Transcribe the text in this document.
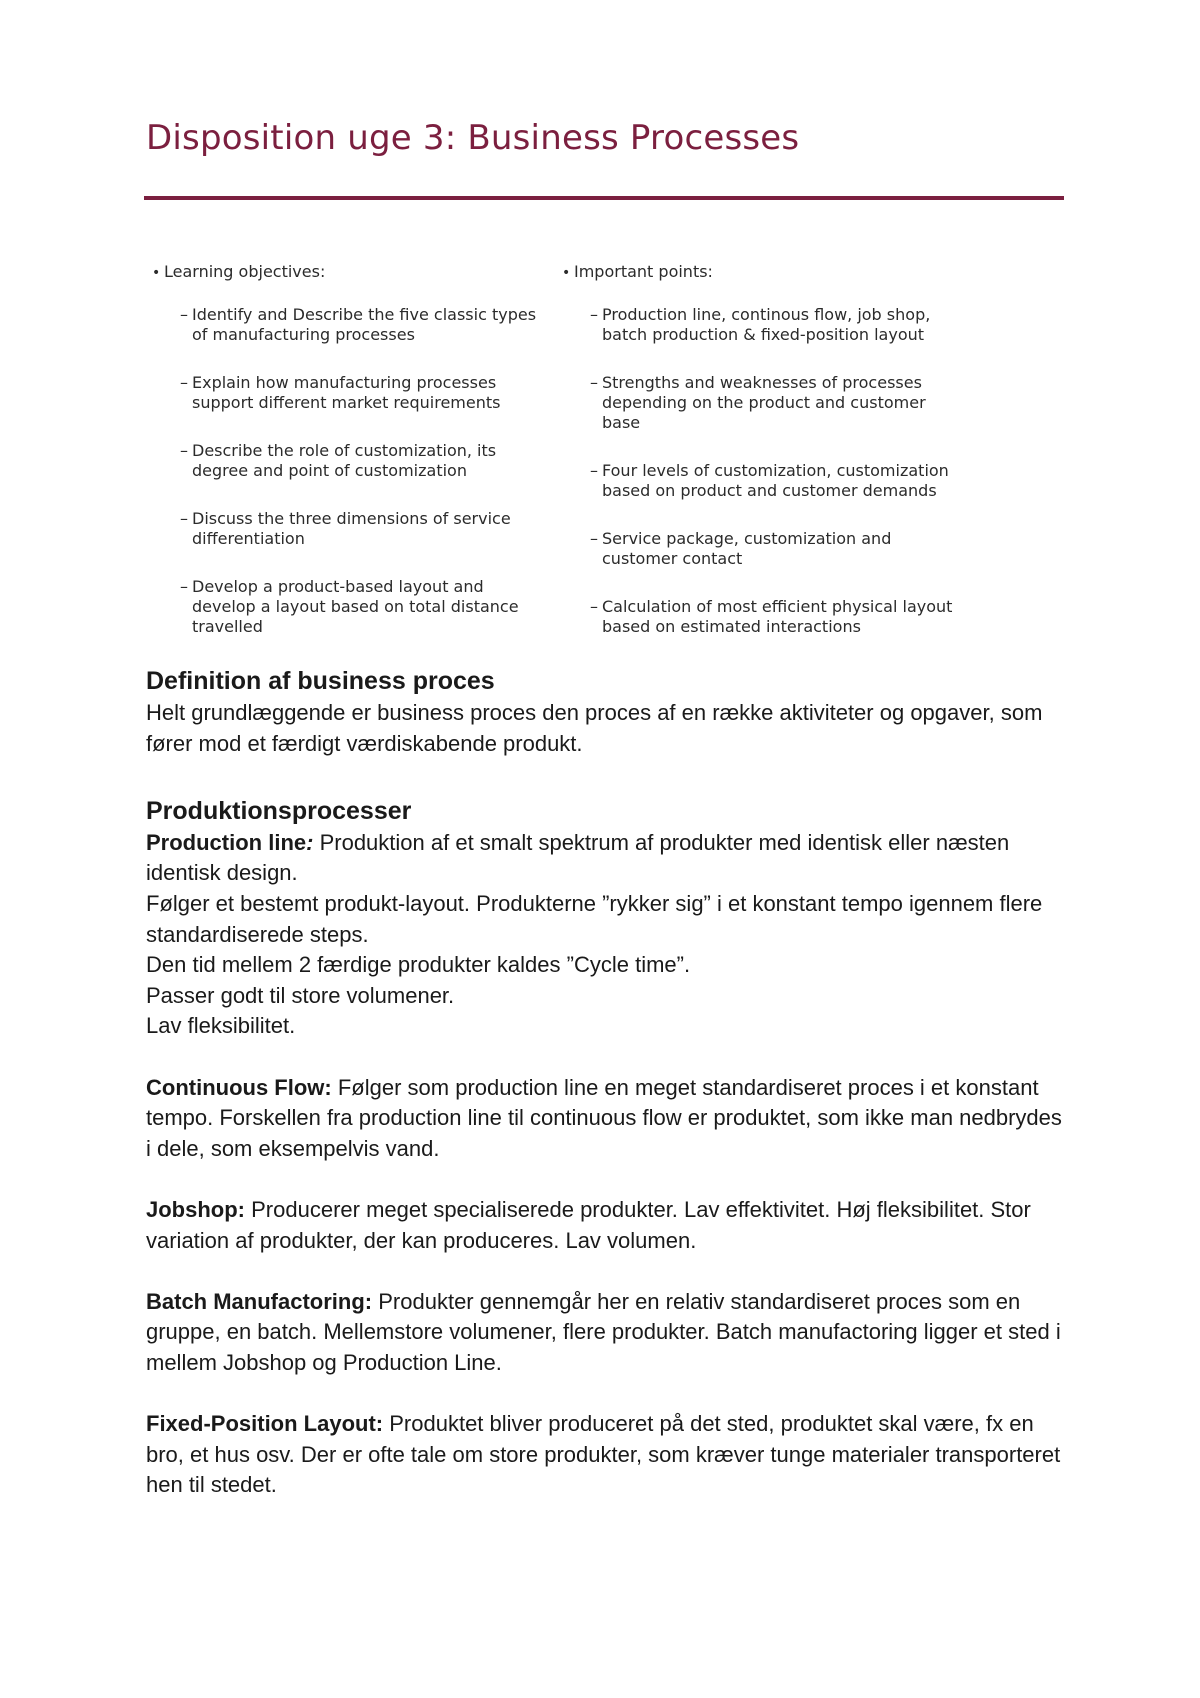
Disposition uge 3: Business Processes
• Learning objectives:
– Identify and Describe the five classic types
of manufacturing processes
– Explain how manufacturing processes
support different market requirements
– Describe the role of customization, its
degree and point of customization
– Discuss the three dimensions of service
differentiation
– Develop a product-based layout and
develop a layout based on total distance
travelled
• Important points:
– Production line, continous flow, job shop,
batch production & fixed-position layout
– Strengths and weaknesses of processes
depending on the product and customer
base
– Four levels of customization, customization
based on product and customer demands
– Service package, customization and
customer contact
– Calculation of most efficient physical layout
based on estimated interactions
Definition af business proces

Helt grundlæggende er business proces den proces af en række aktiviteter og opgaver, som fører mod et færdigt værdiskabende produkt.

Produktionsprocesser

Production line: Produktion af et smalt spektrum af produkter med identisk eller næsten identisk design.

Følger et bestemt produkt-layout. Produkterne ”rykker sig” i et konstant tempo igennem flere standardiserede steps.

Den tid mellem 2 færdige produkter kaldes ”Cycle time”.

Passer godt til store volumener.

Lav fleksibilitet.

Continuous Flow: Følger som production line en meget standardiseret proces i et konstant tempo. Forskellen fra production line til continuous flow er produktet, som ikke man nedbrydes i dele, som eksempelvis vand.

Jobshop: Producerer meget specialiserede produkter. Lav effektivitet. Høj fleksibilitet. Stor variation af produkter, der kan produceres. Lav volumen.

Batch Manufactoring: Produkter gennemgår her en relativ standardiseret proces som en gruppe, en batch. Mellemstore volumener, flere produkter. Batch manufactoring ligger et sted i mellem Jobshop og Production Line.

Fixed-Position Layout: Produktet bliver produceret på det sted, produktet skal være, fx en bro, et hus osv. Der er ofte tale om store produkter, som kræver tunge materialer transporteret hen til stedet.
